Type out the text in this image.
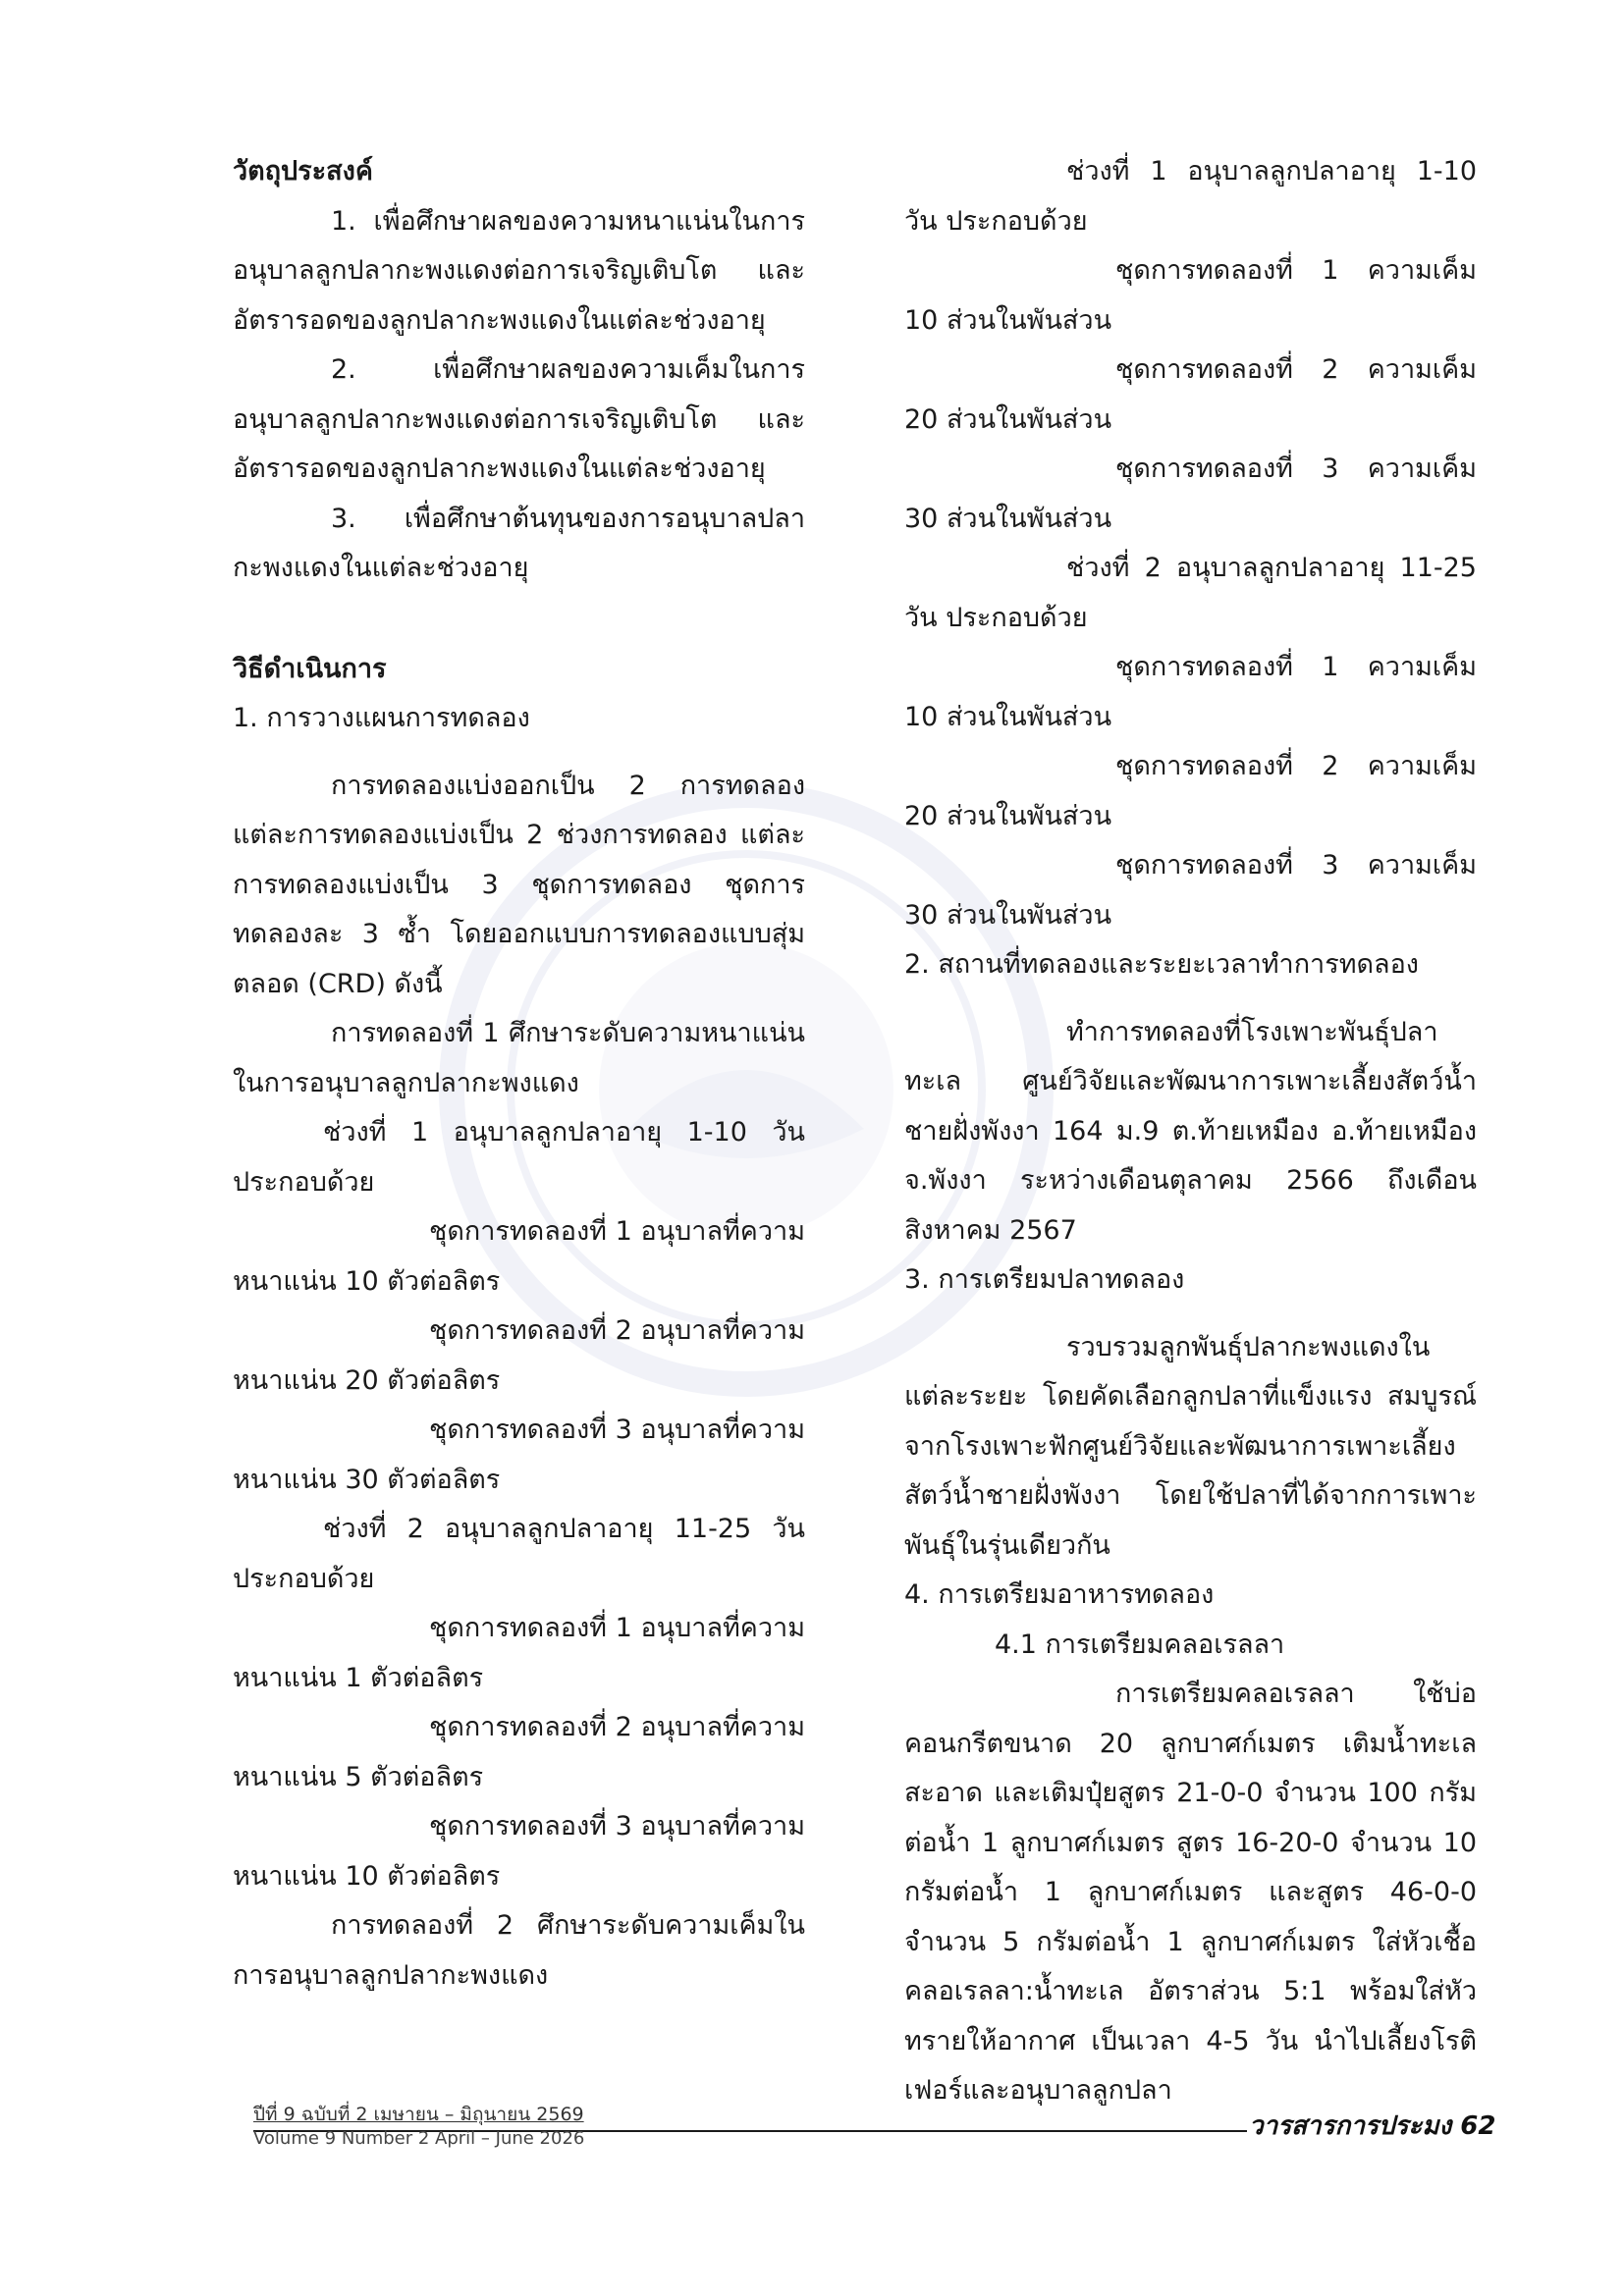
วัตถุประสงค์

1. เพื่อศึกษาผลของความหนาแน่นในการอนุบาลลูกปลากะพงแดงต่อการเจริญเติบโต และอัตรารอดของลูกปลากะพงแดงในแต่ละช่วงอายุ

2. เพื่อศึกษาผลของความเค็มในการอนุบาลลูกปลากะพงแดงต่อการเจริญเติบโต และอัตรารอดของลูกปลากะพงแดงในแต่ละช่วงอายุ

3. เพื่อศึกษาต้นทุนของการอนุบาลปลากะพงแดงในแต่ละช่วงอายุ

วิธีดำเนินการ

1. การวางแผนการทดลอง

การทดลองแบ่งออกเป็น 2 การทดลอง แต่ละการทดลองแบ่งเป็น 2 ช่วงการทดลอง แต่ละการทดลองแบ่งเป็น 3 ชุดการทดลอง ชุดการทดลองละ 3 ซ้ำ โดยออกแบบการทดลองแบบสุ่มตลอด (CRD) ดังนี้

การทดลองที่ 1 ศึกษาระดับความหนาแน่นในการอนุบาลลูกปลากะพงแดง

ช่วงที่ 1 อนุบาลลูกปลาอายุ 1-10 วัน ประกอบด้วย

ชุดการทดลองที่ 1 อนุบาลที่ความหนาแน่น 10 ตัวต่อลิตร

ชุดการทดลองที่ 2 อนุบาลที่ความหนาแน่น 20 ตัวต่อลิตร

ชุดการทดลองที่ 3 อนุบาลที่ความหนาแน่น 30 ตัวต่อลิตร

ช่วงที่ 2 อนุบาลลูกปลาอายุ 11-25 วัน ประกอบด้วย

ชุดการทดลองที่ 1 อนุบาลที่ความหนาแน่น 1 ตัวต่อลิตร

ชุดการทดลองที่ 2 อนุบาลที่ความหนาแน่น 5 ตัวต่อลิตร

ชุดการทดลองที่ 3 อนุบาลที่ความหนาแน่น 10 ตัวต่อลิตร

การทดลองที่ 2 ศึกษาระดับความเค็มในการอนุบาลลูกปลากะพงแดง

ช่วงที่ 1 อนุบาลลูกปลาอายุ 1-10 วัน ประกอบด้วย

ชุดการทดลองที่ 1 ความเค็ม 10 ส่วนในพันส่วน

ชุดการทดลองที่ 2 ความเค็ม 20 ส่วนในพันส่วน

ชุดการทดลองที่ 3 ความเค็ม 30 ส่วนในพันส่วน

ช่วงที่ 2 อนุบาลลูกปลาอายุ 11-25 วัน ประกอบด้วย

ชุดการทดลองที่ 1 ความเค็ม 10 ส่วนในพันส่วน

ชุดการทดลองที่ 2 ความเค็ม 20 ส่วนในพันส่วน

ชุดการทดลองที่ 3 ความเค็ม 30 ส่วนในพันส่วน

2. สถานที่ทดลองและระยะเวลาทำการทดลอง

ทำการทดลองที่โรงเพาะพันธุ์ปลาทะเล ศูนย์วิจัยและพัฒนาการเพาะเลี้ยงสัตว์น้ำชายฝั่งพังงา 164 ม.9 ต.ท้ายเหมือง อ.ท้ายเหมือง จ.พังงา ระหว่างเดือนตุลาคม 2566 ถึงเดือนสิงหาคม 2567

3. การเตรียมปลาทดลอง

รวบรวมลูกพันธุ์ปลากะพงแดงในแต่ละระยะ โดยคัดเลือกลูกปลาที่แข็งแรง สมบูรณ์จากโรงเพาะฟักศูนย์วิจัยและพัฒนาการเพาะเลี้ยงสัตว์น้ำชายฝั่งพังงา โดยใช้ปลาที่ได้จากการเพาะพันธุ์ในรุ่นเดียวกัน

4. การเตรียมอาหารทดลอง

4.1 การเตรียมคลอเรลลา

การเตรียมคลอเรลลา ใช้บ่อคอนกรีตขนาด 20 ลูกบาศก์เมตร เติมน้ำทะเลสะอาด และเติมปุ๋ยสูตร 21-0-0 จำนวน 100 กรัมต่อน้ำ 1 ลูกบาศก์เมตร สูตร 16-20-0 จำนวน 10 กรัมต่อน้ำ 1 ลูกบาศก์เมตร และสูตร 46-0-0 จำนวน 5 กรัมต่อน้ำ 1 ลูกบาศก์เมตร ใส่หัวเชื้อคลอเรลลา:น้ำทะเล อัตราส่วน 5:1 พร้อมใส่หัวทรายให้อากาศ เป็นเวลา 4-5 วัน นำไปเลี้ยงโรติเฟอร์และอนุบาลลูกปลา

ปีที่ 9 ฉบับที่ 2 เมษายน – มิถุนายน 2569
Volume 9 Number 2 April – June 2026	วารสารการประมง 62
